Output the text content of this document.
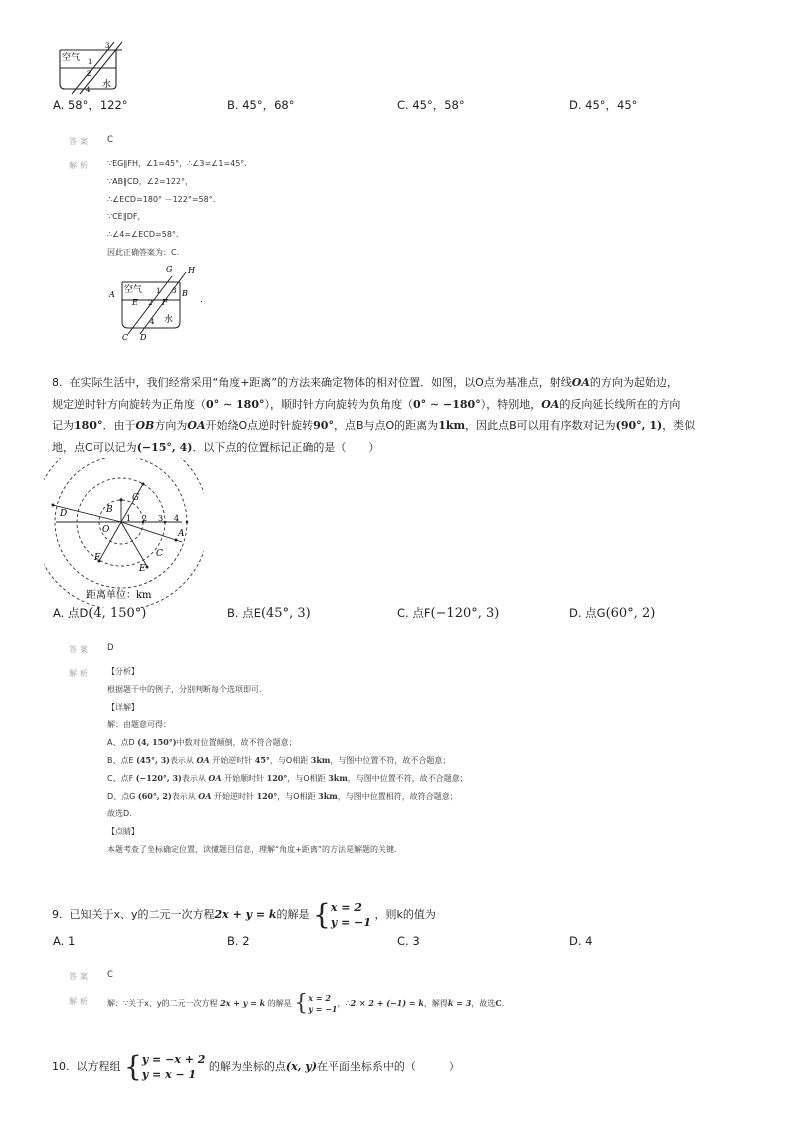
空气
3
1
2
4 水
A. 58°，122°	B. 45°，68°	C. 45°，58°	D. 45°，45°
答案 C
解析 ∵EG∥FH，∠1=45°，∴∠3=∠1=45°．
∵AB∥CD，∠2=122°，
∴∠ECD=180° －122°=58°．
∵CE∥DF，
∴∠4=∠ECD=58°．
因此正确答案为：C.
空气
G H
A	B
1 3
E 2 F
4 水
C D
.
8. 在实际生活中，我们经常采用“角度+距离”的方法来确定物体的相对位置．如图，以O点为基准点，射线OA的方向为起始边，
规定逆时针方向旋转为正角度（0° ∼ 180°），顺时针方向旋转为负角度（0° ∼ −180°），特别地，OA的反向延长线所在的方向
记为180°．由于OB方向为OA开始绕O点逆时针旋转90°，点B与点O的距离为1km，因此点B可以用有序数对记为(90°, 1)，类似
地，点C可以记为(−15°, 4)．以下点的位置标记正确的是（　　）
D
G
B
O
1 2 3 4
A
C
F
E
距离单位：km
A. 点D(4, 150°)	B. 点E(45°, 3)	C. 点F(−120°, 3)	D. 点G(60°, 2)
答案 D
解析 【分析】
根据题干中的例子，分别判断每个选项即可．
【详解】
解：由题意可得：
A、点D (4, 150°)中数对位置颠倒，故不符合题意；
B、点E (45°, 3)表示从 OA 开始逆时针 45°，与O相距 3km，与图中位置不符，故不合题意；
C、点F (−120°, 3)表示从 OA 开始顺时针 120°，与O相距 3km，与图中位置不符，故不合题意；
D、点G (60°, 2)表示从 OA 开始逆时针 120°，与O相距 3km，与图中位置相符，故符合题意；
故选D.
【点睛】
本题考查了坐标确定位置，读懂题目信息，理解“角度+距离”的方法是解题的关键．
9. 已知关于x、y的二元一次方程2x + y = k的解是 {x = 2
y = −1 ，则k的值为
A. 1	B. 2	C. 3	D. 4
答案 C
解析 解：∵关于x、y的二元一次方程 2x + y = k 的解是 {x = 2
y = −1，∴2 × 2 + (−1) = k，解得k = 3，故选C.
10. 以方程组 {y = −x + 2
y = x − 1 的解为坐标的点(x, y)在平面坐标系中的（　　　）
